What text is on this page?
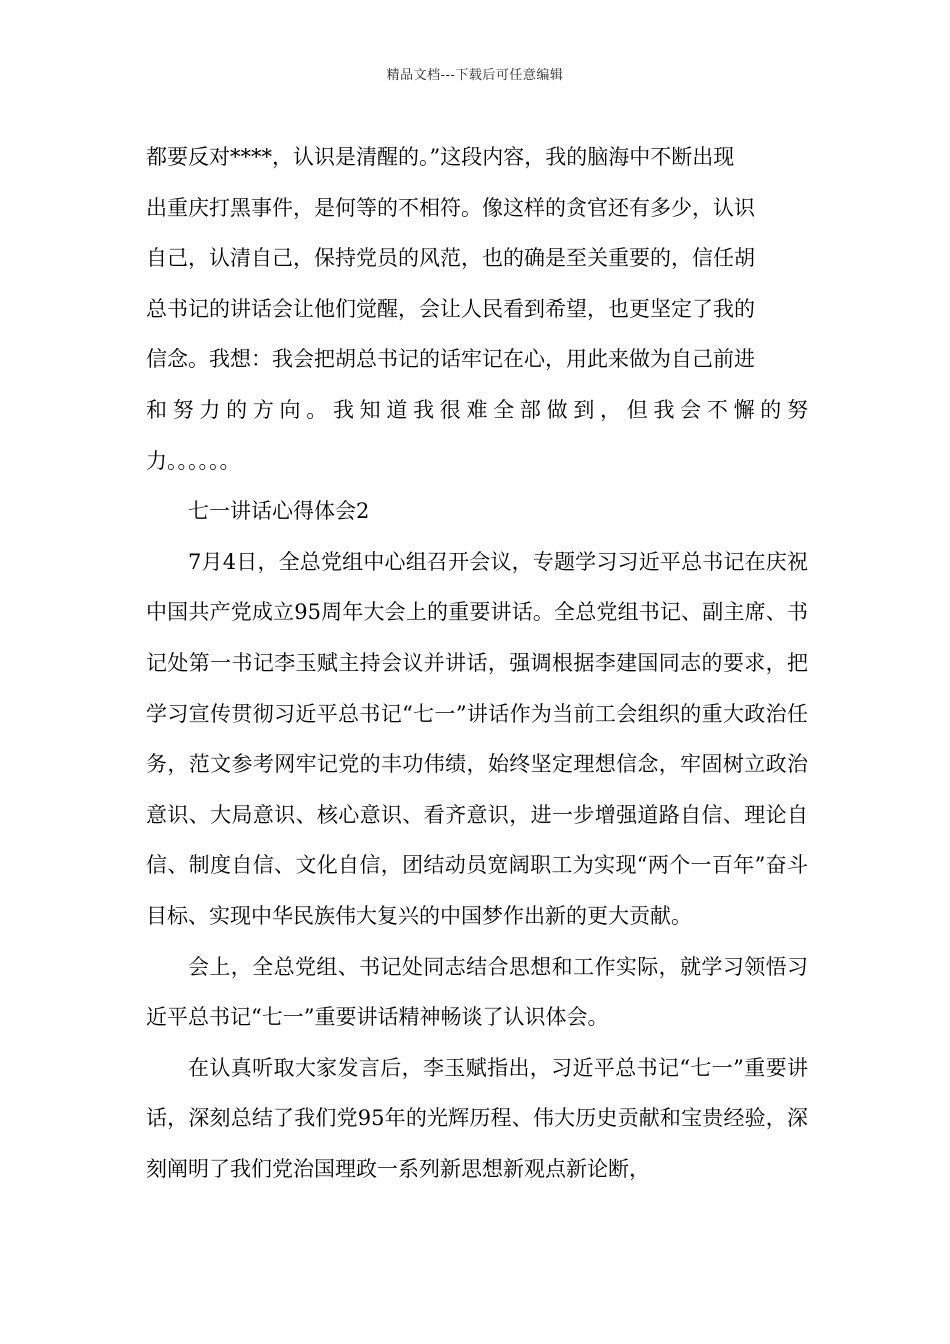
精品文档---下载后可任意编辑
都要反对****，认识是清醒的。”这段内容，我的脑海中不断出现
出重庆打黑事件，是何等的不相符。像这样的贪官还有多少，认识
自己，认清自己，保持党员的风范，也的确是至关重要的，信任胡
总书记的讲话会让他们觉醒，会让人民看到希望，也更坚定了我的
信念。我想：我会把胡总书记的话牢记在心，用此来做为自己前进
和努力的方向。我知道我很难全部做到，但我会不懈的努
力。。。。。。

七一讲话心得体会2

7月4日，全总党组中心组召开会议，专题学习习近平总书记在庆祝中国共产党成立95周年大会上的重要讲话。全总党组书记、副主席、书记处第一书记李玉赋主持会议并讲话，强调根据李建国同志的要求，把学习宣传贯彻习近平总书记“七一”讲话作为当前工会组织的重大政治任务，范文参考网牢记党的丰功伟绩，始终坚定理想信念，牢固树立政治意识、大局意识、核心意识、看齐意识，进一步增强道路自信、理论自信、制度自信、文化自信，团结动员宽阔职工为实现“两个一百年”奋斗目标、实现中华民族伟大复兴的中国梦作出新的更大贡献。

会上，全总党组、书记处同志结合思想和工作实际，就学习领悟习近平总书记“七一”重要讲话精神畅谈了认识体会。

在认真听取大家发言后，李玉赋指出，习近平总书记“七一”重要讲话，深刻总结了我们党95年的光辉历程、伟大历史贡献和宝贵经验，深刻阐明了我们党治国理政一系列新思想新观点新论断，
